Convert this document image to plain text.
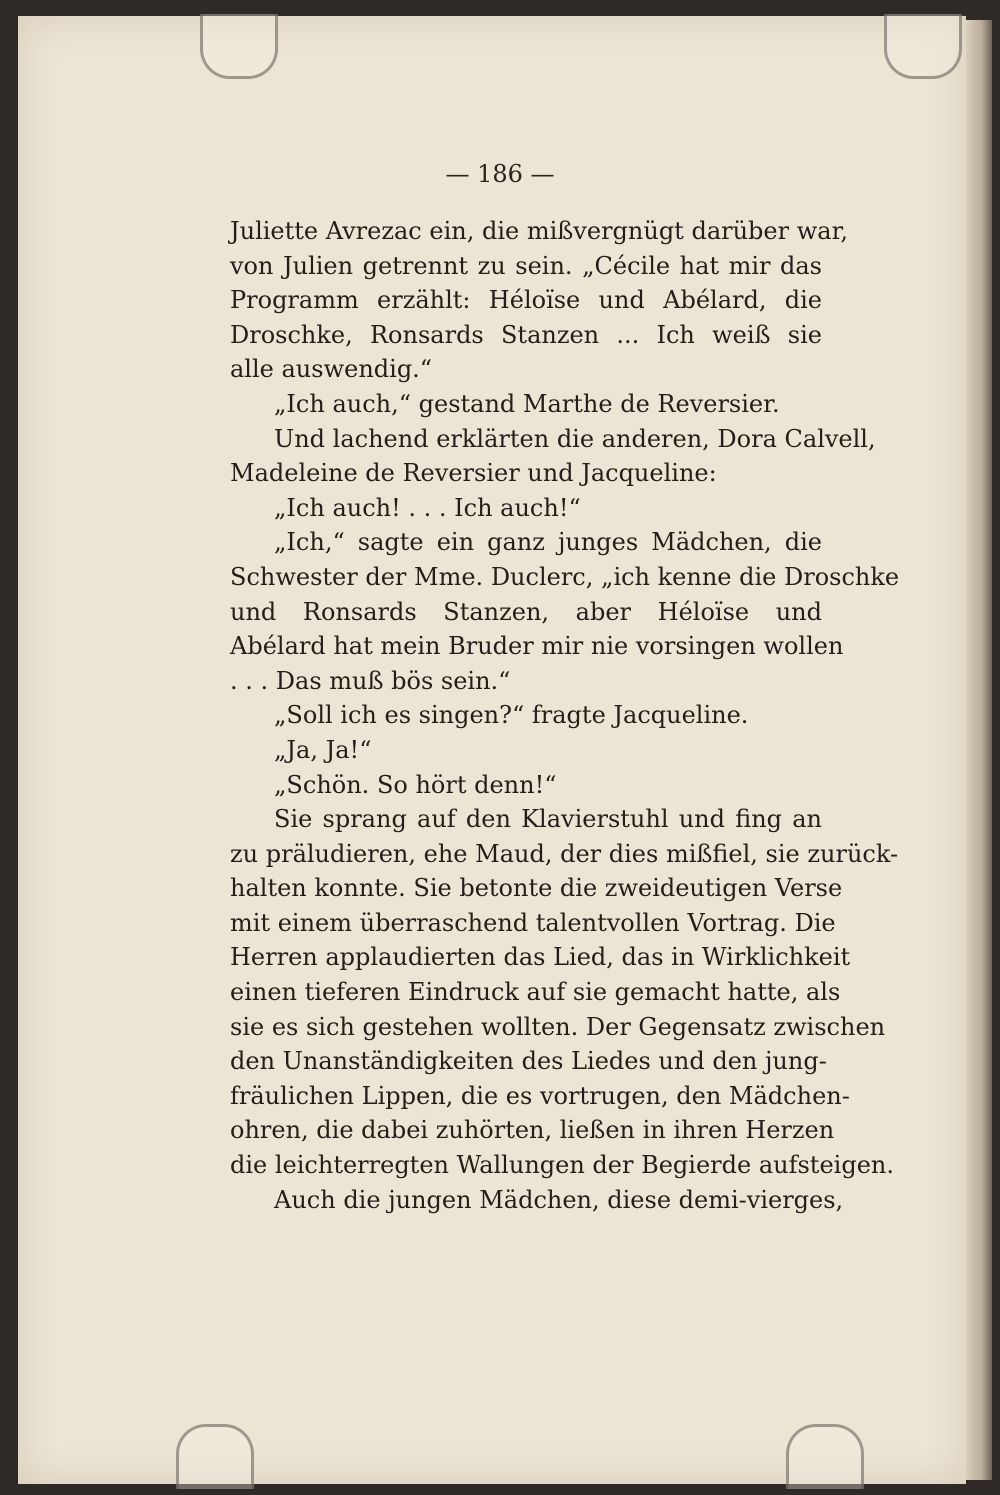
— 186 —
Juliette Avrezac ein, die mißvergnügt darüber war,
von Julien getrennt zu sein. „Cécile hat mir das
Programm erzählt: Héloïse und Abélard, die
Droschke, Ronsards Stanzen ... Ich weiß sie
alle auswendig.“
„Ich auch,“ gestand Marthe de Reversier.
Und lachend erklärten die anderen, Dora Calvell,
Madeleine de Reversier und Jacqueline:
„Ich auch! . . . Ich auch!“
„Ich,“ sagte ein ganz junges Mädchen, die
Schwester der Mme. Duclerc, „ich kenne die Droschke
und Ronsards Stanzen, aber Héloïse und
Abélard hat mein Bruder mir nie vorsingen wollen
. . . Das muß bös sein.“
„Soll ich es singen?“ fragte Jacqueline.
„Ja, Ja!“
„Schön. So hört denn!“
Sie sprang auf den Klavierstuhl und fing an
zu präludieren, ehe Maud, der dies mißfiel, sie zurück-
halten konnte. Sie betonte die zweideutigen Verse
mit einem überraschend talentvollen Vortrag. Die
Herren applaudierten das Lied, das in Wirklichkeit
einen tieferen Eindruck auf sie gemacht hatte, als
sie es sich gestehen wollten. Der Gegensatz zwischen
den Unanständigkeiten des Liedes und den jung-
fräulichen Lippen, die es vortrugen, den Mädchen-
ohren, die dabei zuhörten, ließen in ihren Herzen
die leichterregten Wallungen der Begierde aufsteigen.
Auch die jungen Mädchen, diese demi-vierges,
